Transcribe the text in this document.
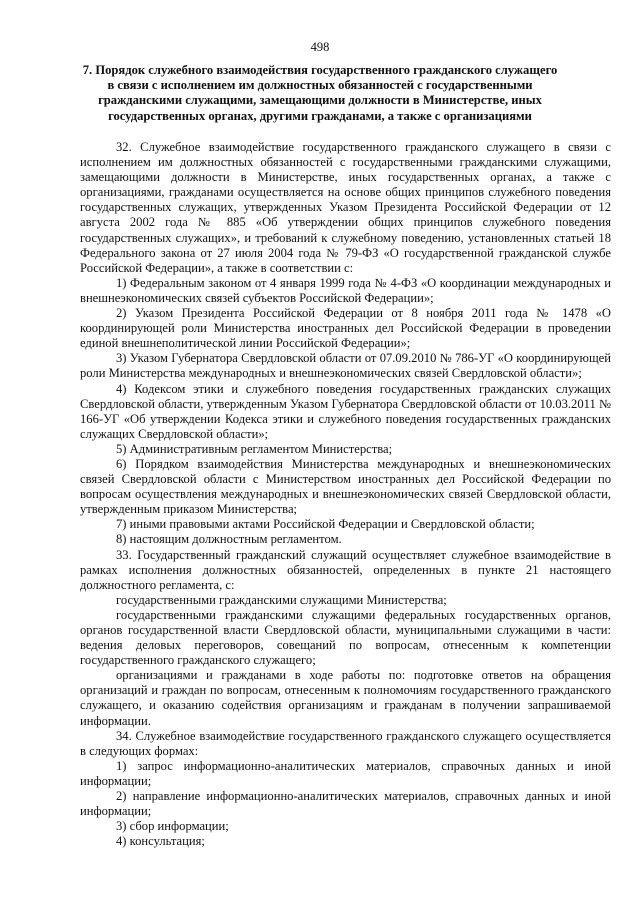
498
7. Порядок служебного взаимодействия государственного гражданского служащего в связи с исполнением им должностных обязанностей с государственными гражданскими служащими, замещающими должности в Министерстве, иных государственных органах, другими гражданами, а также с организациями

32. Служебное взаимодействие государственного гражданского служащего в связи с исполнением им должностных обязанностей с государственными гражданскими служащими, замещающими должности в Министерстве, иных государственных органах, а также с организациями, гражданами осуществляется на основе общих принципов служебного поведения государственных служащих, утвержденных Указом Президента Российской Федерации от 12 августа 2002 года № 885 «Об утверждении общих принципов служебного поведения государственных служащих», и требований к служебному поведению, установленных статьей 18 Федерального закона от 27 июля 2004 года № 79-ФЗ «О государственной гражданской службе Российской Федерации», а также в соответствии с:

1) Федеральным законом от 4 января 1999 года № 4-ФЗ «О координации международных и внешнеэкономических связей субъектов Российской Федерации»;

2) Указом Президента Российской Федерации от 8 ноября 2011 года № 1478 «О координирующей роли Министерства иностранных дел Российской Федерации в проведении единой внешнеполитической линии Российской Федерации»;

3) Указом Губернатора Свердловской области от 07.09.2010 № 786-УГ «О координирующей роли Министерства международных и внешнеэкономических связей Свердловской области»;

4) Кодексом этики и служебного поведения государственных гражданских служащих Свердловской области, утвержденным Указом Губернатора Свердловской области от 10.03.2011 № 166-УГ «Об утверждении Кодекса этики и служебного поведения государственных гражданских служащих Свердловской области»;

5) Административным регламентом Министерства;

6) Порядком взаимодействия Министерства международных и внешнеэкономических связей Свердловской области с Министерством иностранных дел Российской Федерации по вопросам осуществления международных и внешнеэкономических связей Свердловской области, утвержденным приказом Министерства;

7) иными правовыми актами Российской Федерации и Свердловской области;

8) настоящим должностным регламентом.

33. Государственный гражданский служащий осуществляет служебное взаимодействие в рамках исполнения должностных обязанностей, определенных в пункте 21 настоящего должностного регламента, с:

государственными гражданскими служащими Министерства;

государственными гражданскими служащими федеральных государственных органов, органов государственной власти Свердловской области, муниципальными служащими в части: ведения деловых переговоров, совещаний по вопросам, отнесенным к компетенции государственного гражданского служащего;

организациями и гражданами в ходе работы по: подготовке ответов на обращения организаций и граждан по вопросам, отнесенным к полномочиям государственного гражданского служащего, и оказанию содействия организациям и гражданам в получении запрашиваемой информации.

34. Служебное взаимодействие государственного гражданского служащего осуществляется в следующих формах:

1) запрос информационно-аналитических материалов, справочных данных и иной информации;

2) направление информационно-аналитических материалов, справочных данных и иной информации;

3) сбор информации;

4) консультация;
